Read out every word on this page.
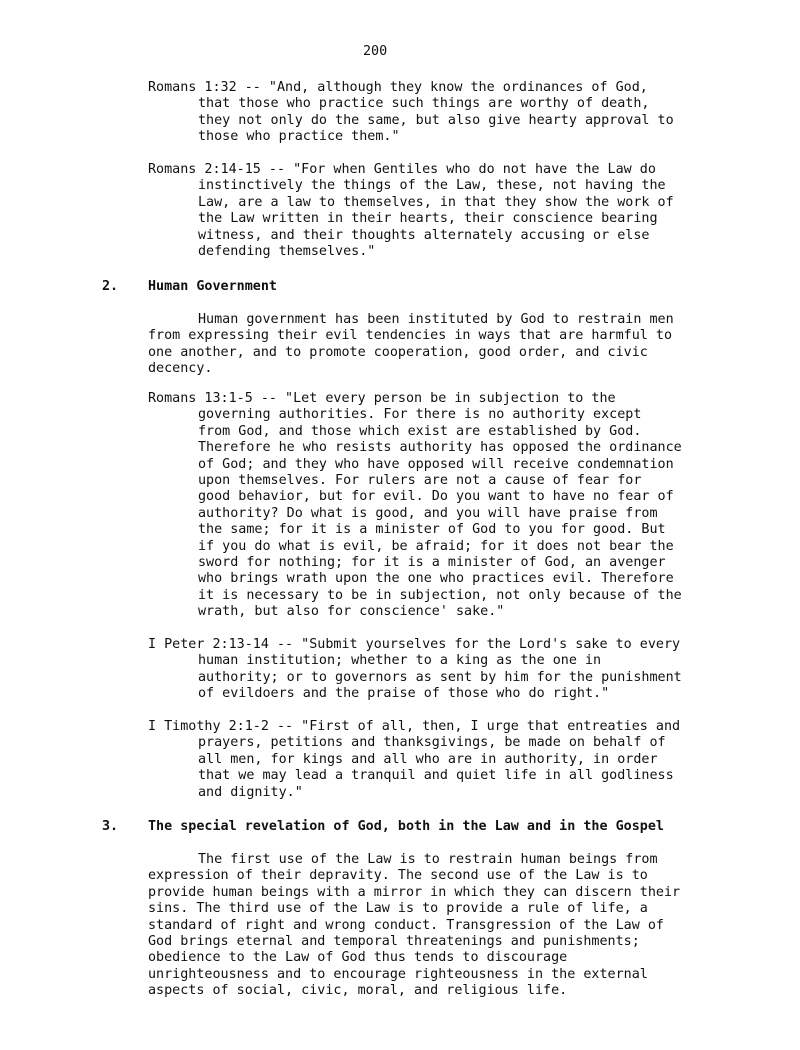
200
Romans 1:32 -- "And, although they know the ordinances of God,
that those who practice such things are worthy of death,
they not only do the same, but also give hearty approval to
those who practice them."
Romans 2:14-15 -- "For when Gentiles who do not have the Law do
instinctively the things of the Law, these, not having the
Law, are a law to themselves, in that they show the work of
the Law written in their hearts, their conscience bearing
witness, and their thoughts alternately accusing or else
defending themselves."
2. Human Government
Human government has been instituted by God to restrain men
from expressing their evil tendencies in ways that are harmful to
one another, and to promote cooperation, good order, and civic
decency.
Romans 13:1-5 -- "Let every person be in subjection to the
governing authorities. For there is no authority except
from God, and those which exist are established by God.
Therefore he who resists authority has opposed the ordinance
of God; and they who have opposed will receive condemnation
upon themselves. For rulers are not a cause of fear for
good behavior, but for evil. Do you want to have no fear of
authority? Do what is good, and you will have praise from
the same; for it is a minister of God to you for good. But
if you do what is evil, be afraid; for it does not bear the
sword for nothing; for it is a minister of God, an avenger
who brings wrath upon the one who practices evil. Therefore
it is necessary to be in subjection, not only because of the
wrath, but also for conscience' sake."
I Peter 2:13-14 -- "Submit yourselves for the Lord's sake to every
human institution; whether to a king as the one in
authority; or to governors as sent by him for the punishment
of evildoers and the praise of those who do right."
I Timothy 2:1-2 -- "First of all, then, I urge that entreaties and
prayers, petitions and thanksgivings, be made on behalf of
all men, for kings and all who are in authority, in order
that we may lead a tranquil and quiet life in all godliness
and dignity."
3. The special revelation of God, both in the Law and in the Gospel
The first use of the Law is to restrain human beings from
expression of their depravity. The second use of the Law is to
provide human beings with a mirror in which they can discern their
sins. The third use of the Law is to provide a rule of life, a
standard of right and wrong conduct. Transgression of the Law of
God brings eternal and temporal threatenings and punishments;
obedience to the Law of God thus tends to discourage
unrighteousness and to encourage righteousness in the external
aspects of social, civic, moral, and religious life.
